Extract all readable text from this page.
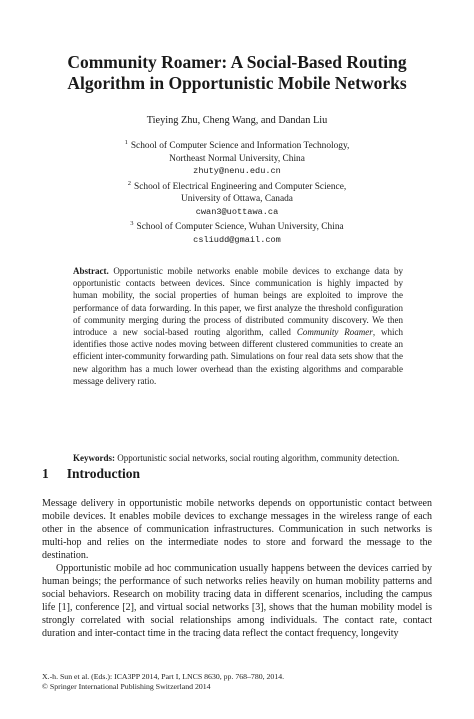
Community Roamer: A Social-Based Routing
Algorithm in Opportunistic Mobile Networks
Tieying Zhu, Cheng Wang, and Dandan Liu

$^1$ School of Computer Science and Information Technology,

Northeast Normal University, China

zhuty@nenu.edu.cn

$^2$ School of Electrical Engineering and Computer Science,

University of Ottawa, Canada

cwan3@uottawa.ca

$^3$ School of Computer Science, Wuhan University, China

csliudd@gmail.com

Abstract. Opportunistic mobile networks enable mobile devices to exchange data by opportunistic contacts between devices. Since communication is highly impacted by human mobility, the social properties of human beings are exploited to improve the performance of data forwarding. In this paper, we first analyze the threshold configuration of community merging during the process of distributed community discovery. We then introduce a new social-based routing algorithm, called Community Roamer, which identifies those active nodes moving between different clustered communities to create an efficient inter-community forwarding path. Simulations on four real data sets show that the new algorithm has a much lower overhead than the existing algorithms and comparable message delivery ratio.
Keywords: Opportunistic social networks, social routing algorithm, community detection.
1 Introduction

Message delivery in opportunistic mobile networks depends on opportunistic contact between mobile devices. It enables mobile devices to exchange messages in the wireless range of each other in the absence of communication infrastructures. Communication in such networks is multi-hop and relies on the intermediate nodes to store and forward the message to the destination.

Opportunistic mobile ad hoc communication usually happens between the devices carried by human beings; the performance of such networks relies heavily on human mobility patterns and social behaviors. Research on mobility tracing data in different scenarios, including the campus life [1], conference [2], and virtual social networks [3], shows that the human mobility model is strongly correlated with social relationships among individuals. The contact rate, contact duration and inter-contact time in the tracing data reflect the contact frequency, longevity

X.-h. Sun et al. (Eds.): ICA3PP 2014, Part I, LNCS 8630, pp. 768–780, 2014.

© Springer International Publishing Switzerland 2014
